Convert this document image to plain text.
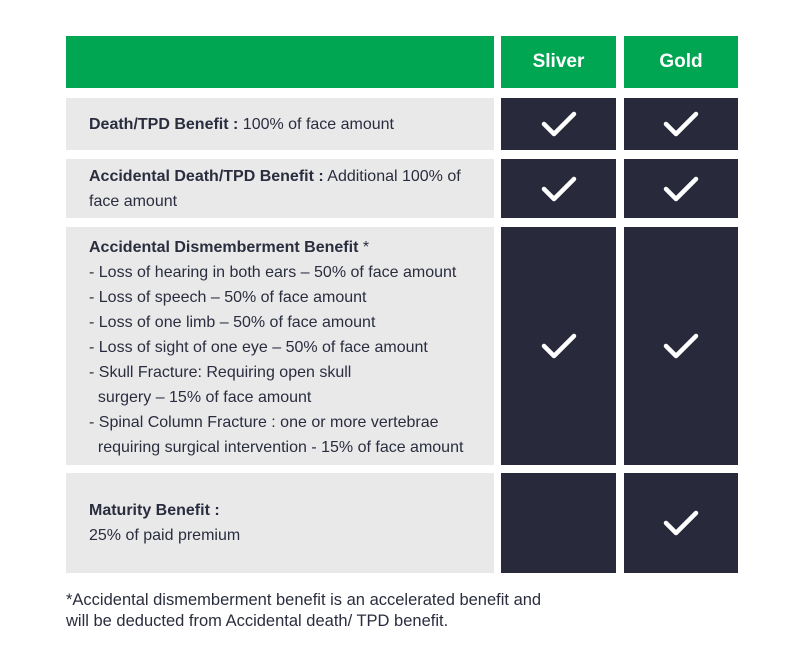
Sliver	Gold
Death/TPD Benefit : 100% of face amount
Accidental Death/TPD Benefit : Additional 100% of face amount
Accidental Dismemberment Benefit *
- Loss of hearing in both ears – 50% of face amount
- Loss of speech – 50% of face amount
- Loss of one limb – 50% of face amount
- Loss of sight of one eye – 50% of face amount
- Skull Fracture: Requiring open skull
surgery – 15% of face amount
- Spinal Column Fracture : one or more vertebrae
requiring surgical intervention - 15% of face amount
Maturity Benefit :
25% of paid premium
*Accidental dismemberment benefit is an accelerated benefit and
will be deducted from Accidental death/ TPD benefit.
